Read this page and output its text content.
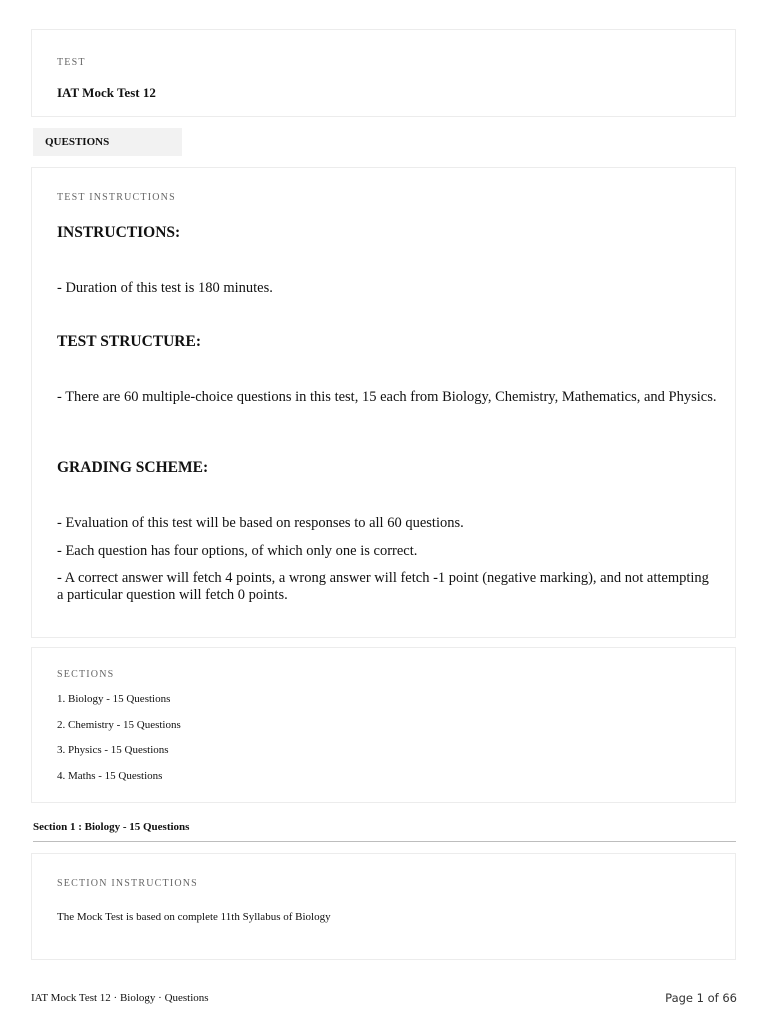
TEST
IAT Mock Test 12
QUESTIONS
TEST INSTRUCTIONS
INSTRUCTIONS:
- Duration of this test is 180 minutes.
TEST STRUCTURE:
- There are 60 multiple-choice questions in this test, 15 each from Biology, Chemistry, Mathematics, and Physics.
GRADING SCHEME:
- Evaluation of this test will be based on responses to all 60 questions.
- Each question has four options, of which only one is correct.
- A correct answer will fetch 4 points, a wrong answer will fetch -1 point (negative marking), and not attempting a particular question will fetch 0 points.
SECTIONS
1. Biology - 15 Questions
2. Chemistry - 15 Questions
3. Physics - 15 Questions
4. Maths - 15 Questions
Section 1 : Biology - 15 Questions
SECTION INSTRUCTIONS
The Mock Test is based on complete 11th Syllabus of Biology
IAT Mock Test 12 · Biology · Questions	Page 1 of 66
